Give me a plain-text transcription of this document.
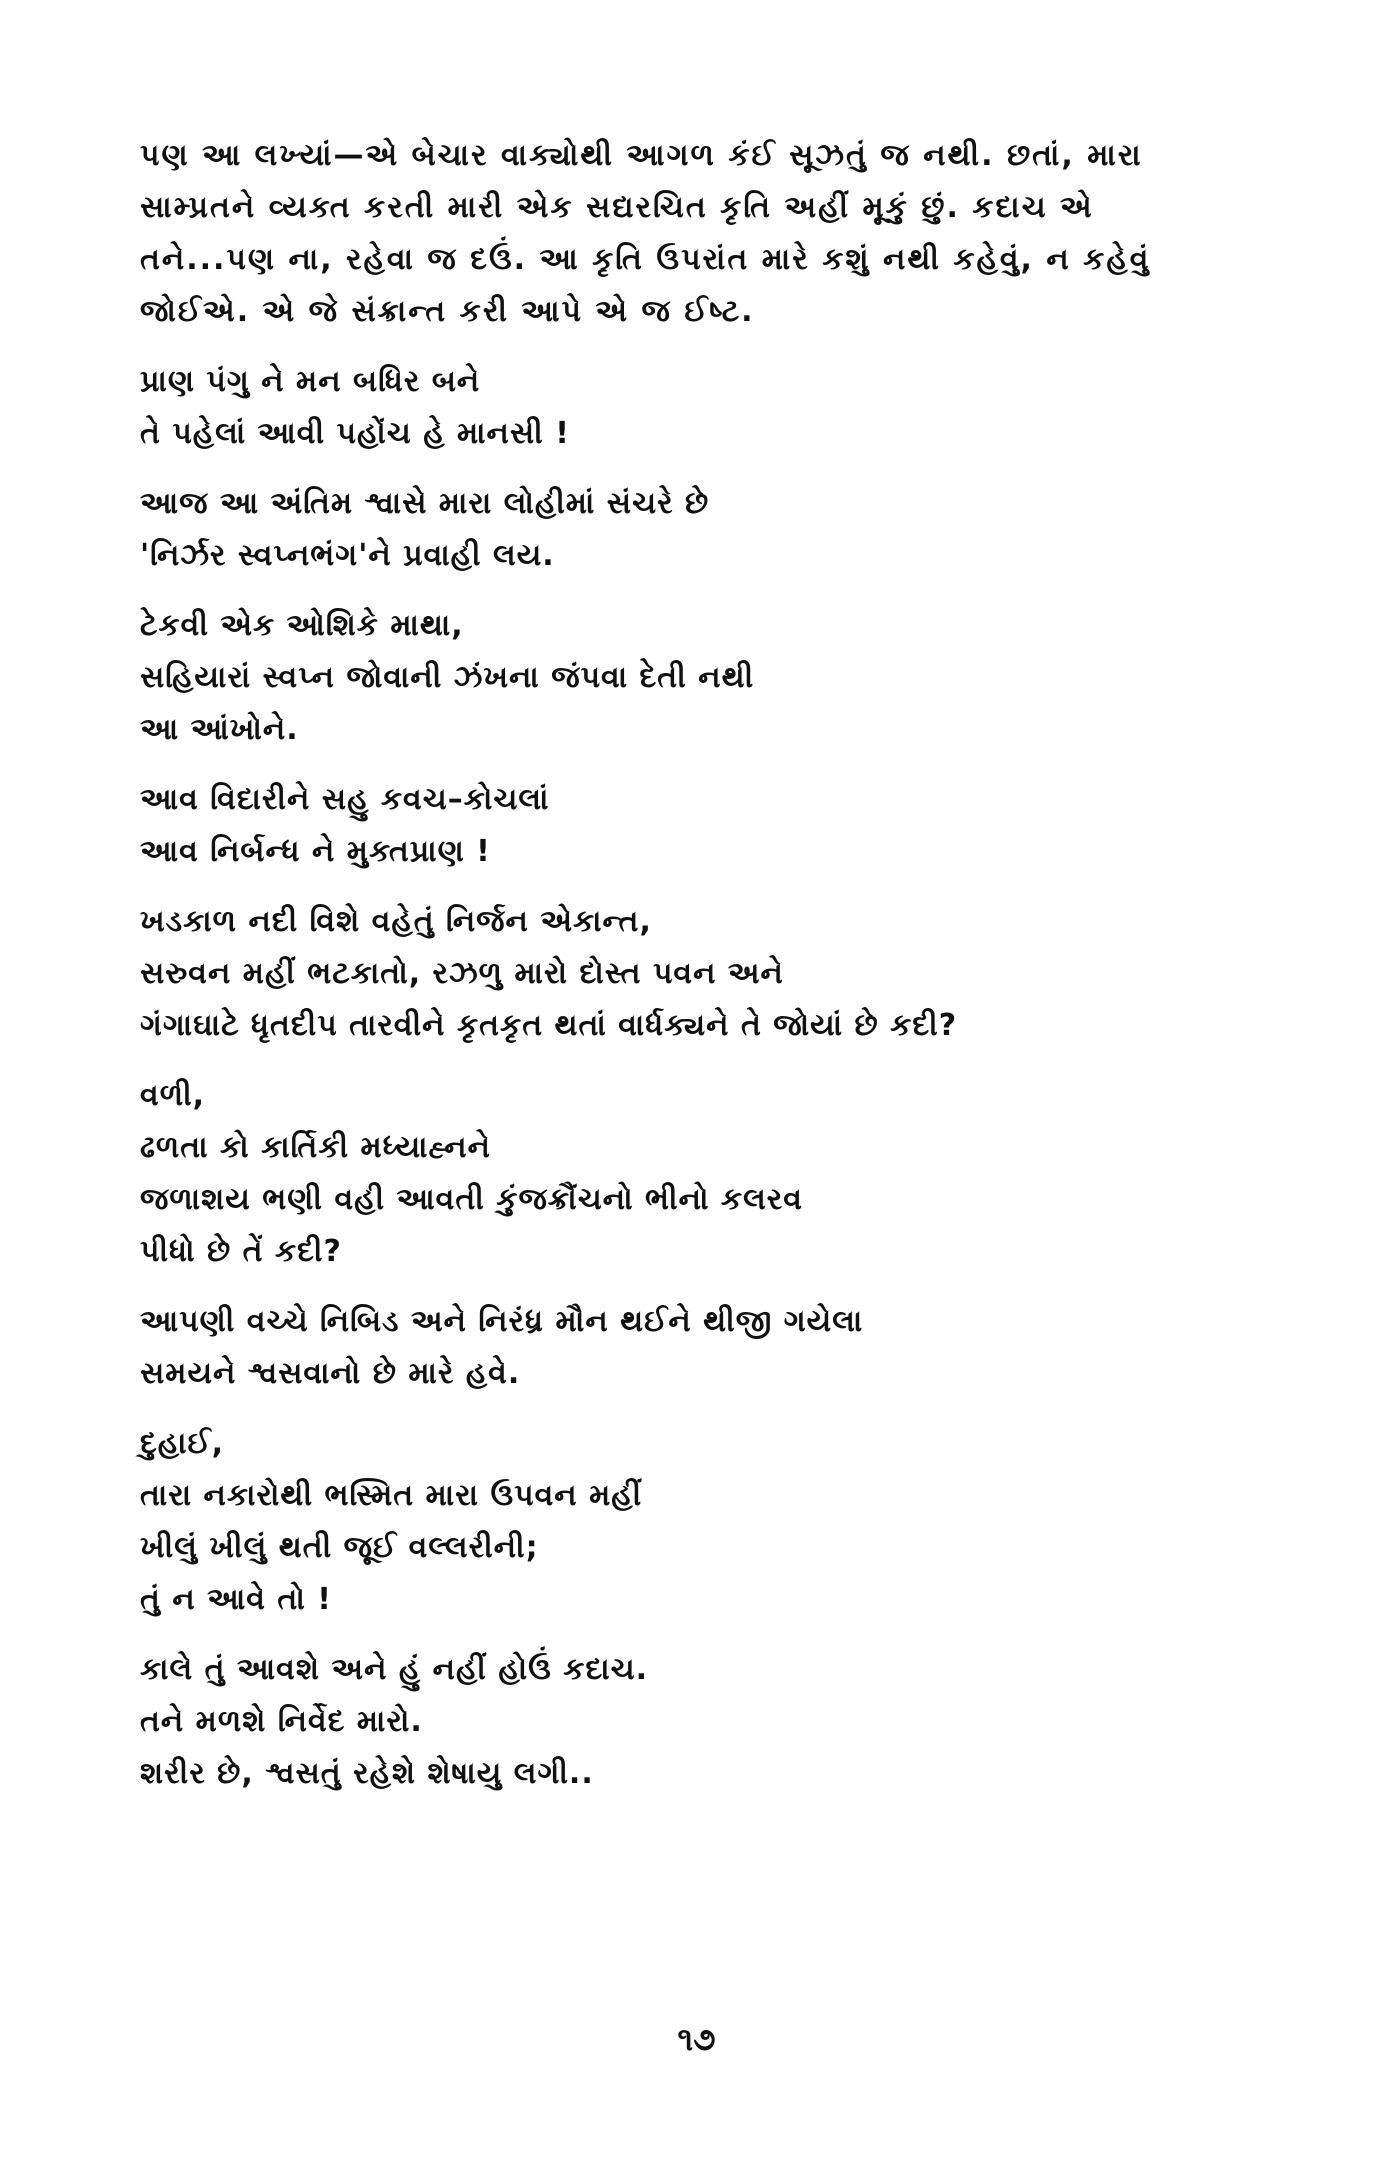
પણ આ લખ્યાં—એ બેચાર વાક્યોથી આગળ કંઈ સૂઝતું જ નથી. છતાં, મારા
સામ્પ્રતને વ્યક્ત કરતી મારી એક સદ્યરચિત કૃતિ અહીં મૂકું છું. કદાચ એ
તને...પણ ના, રહેવા જ દઉં. આ કૃતિ ઉપરાંત મારે કશું નથી કહેવું, ન કહેવું
જોઈએ. એ જે સંક્રાન્ત કરી આપે એ જ ઈષ્ટ.
પ્રાણ પંગુ ને મન બધિર બને
તે પહેલાં આવી પહોંચ હે માનસી !
આજ આ અંતિમ શ્વાસે મારા લોહીમાં સંચરે છે
'નિર્ઝર સ્વપ્નભંગ'ને પ્રવાહી લય.
ટેકવી એક ઓશિકે માથા,
સહિયારાં સ્વપ્ન જોવાની ઝંખના જંપવા દેતી નથી
આ આંખોને.
આવ વિદારીને સહુ કવચ–કોચલાં
આવ નિર્બન્ધ ને મુક્તપ્રાણ !
ખડકાળ નદી વિશે વહેતું નિર્જન એકાન્ત,
સરુવન મહીં ભટકાતો, રઝળુ મારો દોસ્ત પવન અને
ગંગાઘાટે ધૃતદીપ તારવીને કૃતકૃત થતાં વાર્ધક્યને તે જોયાં છે કદી?
વળી,
ઢળતા કો કાર્તિકી મધ્યાહ્નને
જળાશય ભણી વહી આવતી કુંજક્રૌંચનો ભીનો કલરવ
પીધો છે તેં કદી?
આપણી વચ્ચે નિબિડ અને નિરંધ્ર મૌન થઈને થીજી ગયેલા
સમયને શ્વસવાનો છે મારે હવે.
દુહાઈ,
તારા નકારોથી ભસ્મિત મારા ઉપવન મહીં
ખીલું ખીલું થતી જૂઈ વલ્લરીની;
તું ન આવે તો !
કાલે તું આવશે અને હું નહીં હોઉં કદાચ.
તને મળશે નિર્વેદ મારો.
શરીર છે, શ્વસતું રહેશે શેષાયુ લગી..
૧૭
